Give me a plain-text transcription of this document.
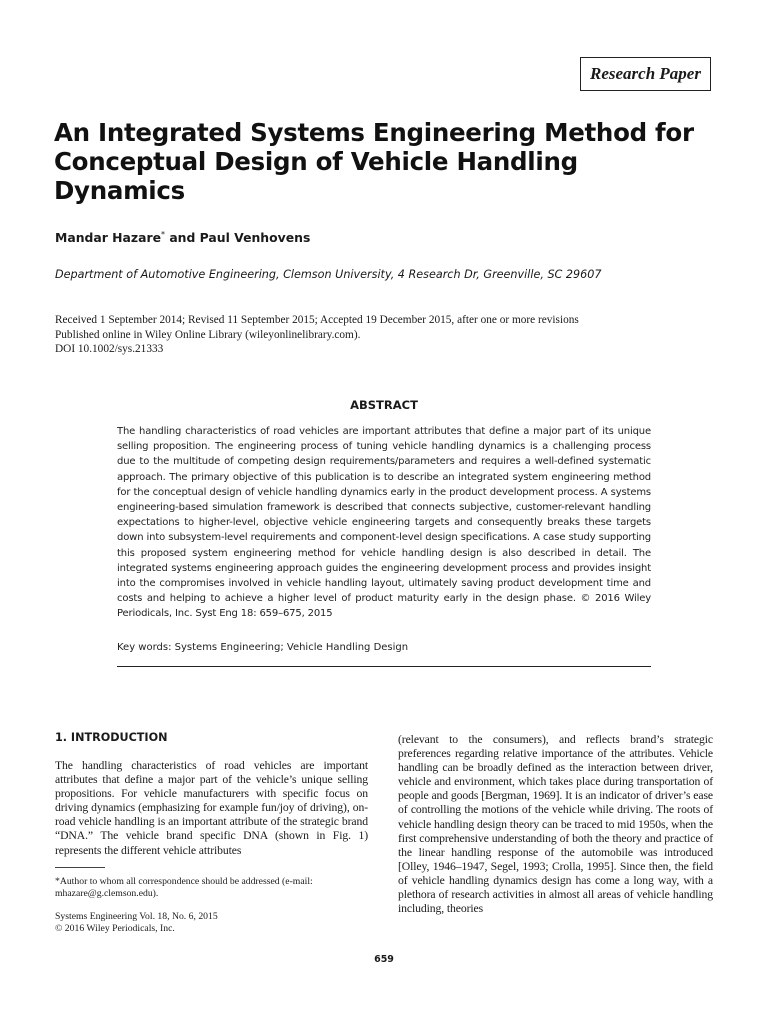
Research Paper
An Integrated Systems Engineering Method for Conceptual Design of Vehicle Handling Dynamics
Mandar Hazare* and Paul Venhovens
Department of Automotive Engineering, Clemson University, 4 Research Dr, Greenville, SC 29607
Received 1 September 2014; Revised 11 September 2015; Accepted 19 December 2015, after one or more revisions
Published online in Wiley Online Library (wileyonlinelibrary.com).
DOI 10.1002/sys.21333
ABSTRACT

The handling characteristics of road vehicles are important attributes that define a major part of its unique selling proposition. The engineering process of tuning vehicle handling dynamics is a challenging process due to the multitude of competing design requirements/parameters and requires a well-defined systematic approach. The primary objective of this publication is to describe an integrated system engineering method for the conceptual design of vehicle handling dynamics early in the product development process. A systems engineering-based simulation framework is described that connects subjective, customer-relevant handling expectations to higher-level, objective vehicle engineering targets and consequently breaks these targets down into subsystem-level requirements and component-level design specifications. A case study supporting this proposed system engineering method for vehicle handling design is also described in detail. The integrated systems engineering approach guides the engineering development process and provides insight into the compromises involved in vehicle handling layout, ultimately saving product development time and costs and helping to achieve a higher level of product maturity early in the design phase. © 2016 Wiley Periodicals, Inc. Syst Eng 18: 659–675, 2015

Key words: Systems Engineering; Vehicle Handling Design
1. INTRODUCTION

The handling characteristics of road vehicles are important attributes that define a major part of the vehicle’s unique selling propositions. For vehicle manufacturers with specific focus on driving dynamics (emphasizing for example fun/joy of driving), on-road vehicle handling is an important attribute of the strategic brand “DNA.” The vehicle brand specific DNA (shown in Fig. 1) represents the different vehicle attributes

(relevant to the consumers), and reflects brand’s strategic preferences regarding relative importance of the attributes. Vehicle handling can be broadly defined as the interaction between driver, vehicle and environment, which takes place during transportation of people and goods [Bergman, 1969]. It is an indicator of driver’s ease of controlling the motions of the vehicle while driving. The roots of vehicle handling design theory can be traced to mid 1950s, when the first comprehensive understanding of both the theory and practice of the linear handling response of the automobile was introduced [Olley, 1946–1947, Segel, 1993; Crolla, 1995]. Since then, the field of vehicle handling dynamics design has come a long way, with a plethora of research activities in almost all areas of vehicle handling including, theories

*Author to whom all correspondence should be addressed (e-mail: mhazare@g.clemson.edu).
Systems Engineering Vol. 18, No. 6, 2015
© 2016 Wiley Periodicals, Inc.
659
